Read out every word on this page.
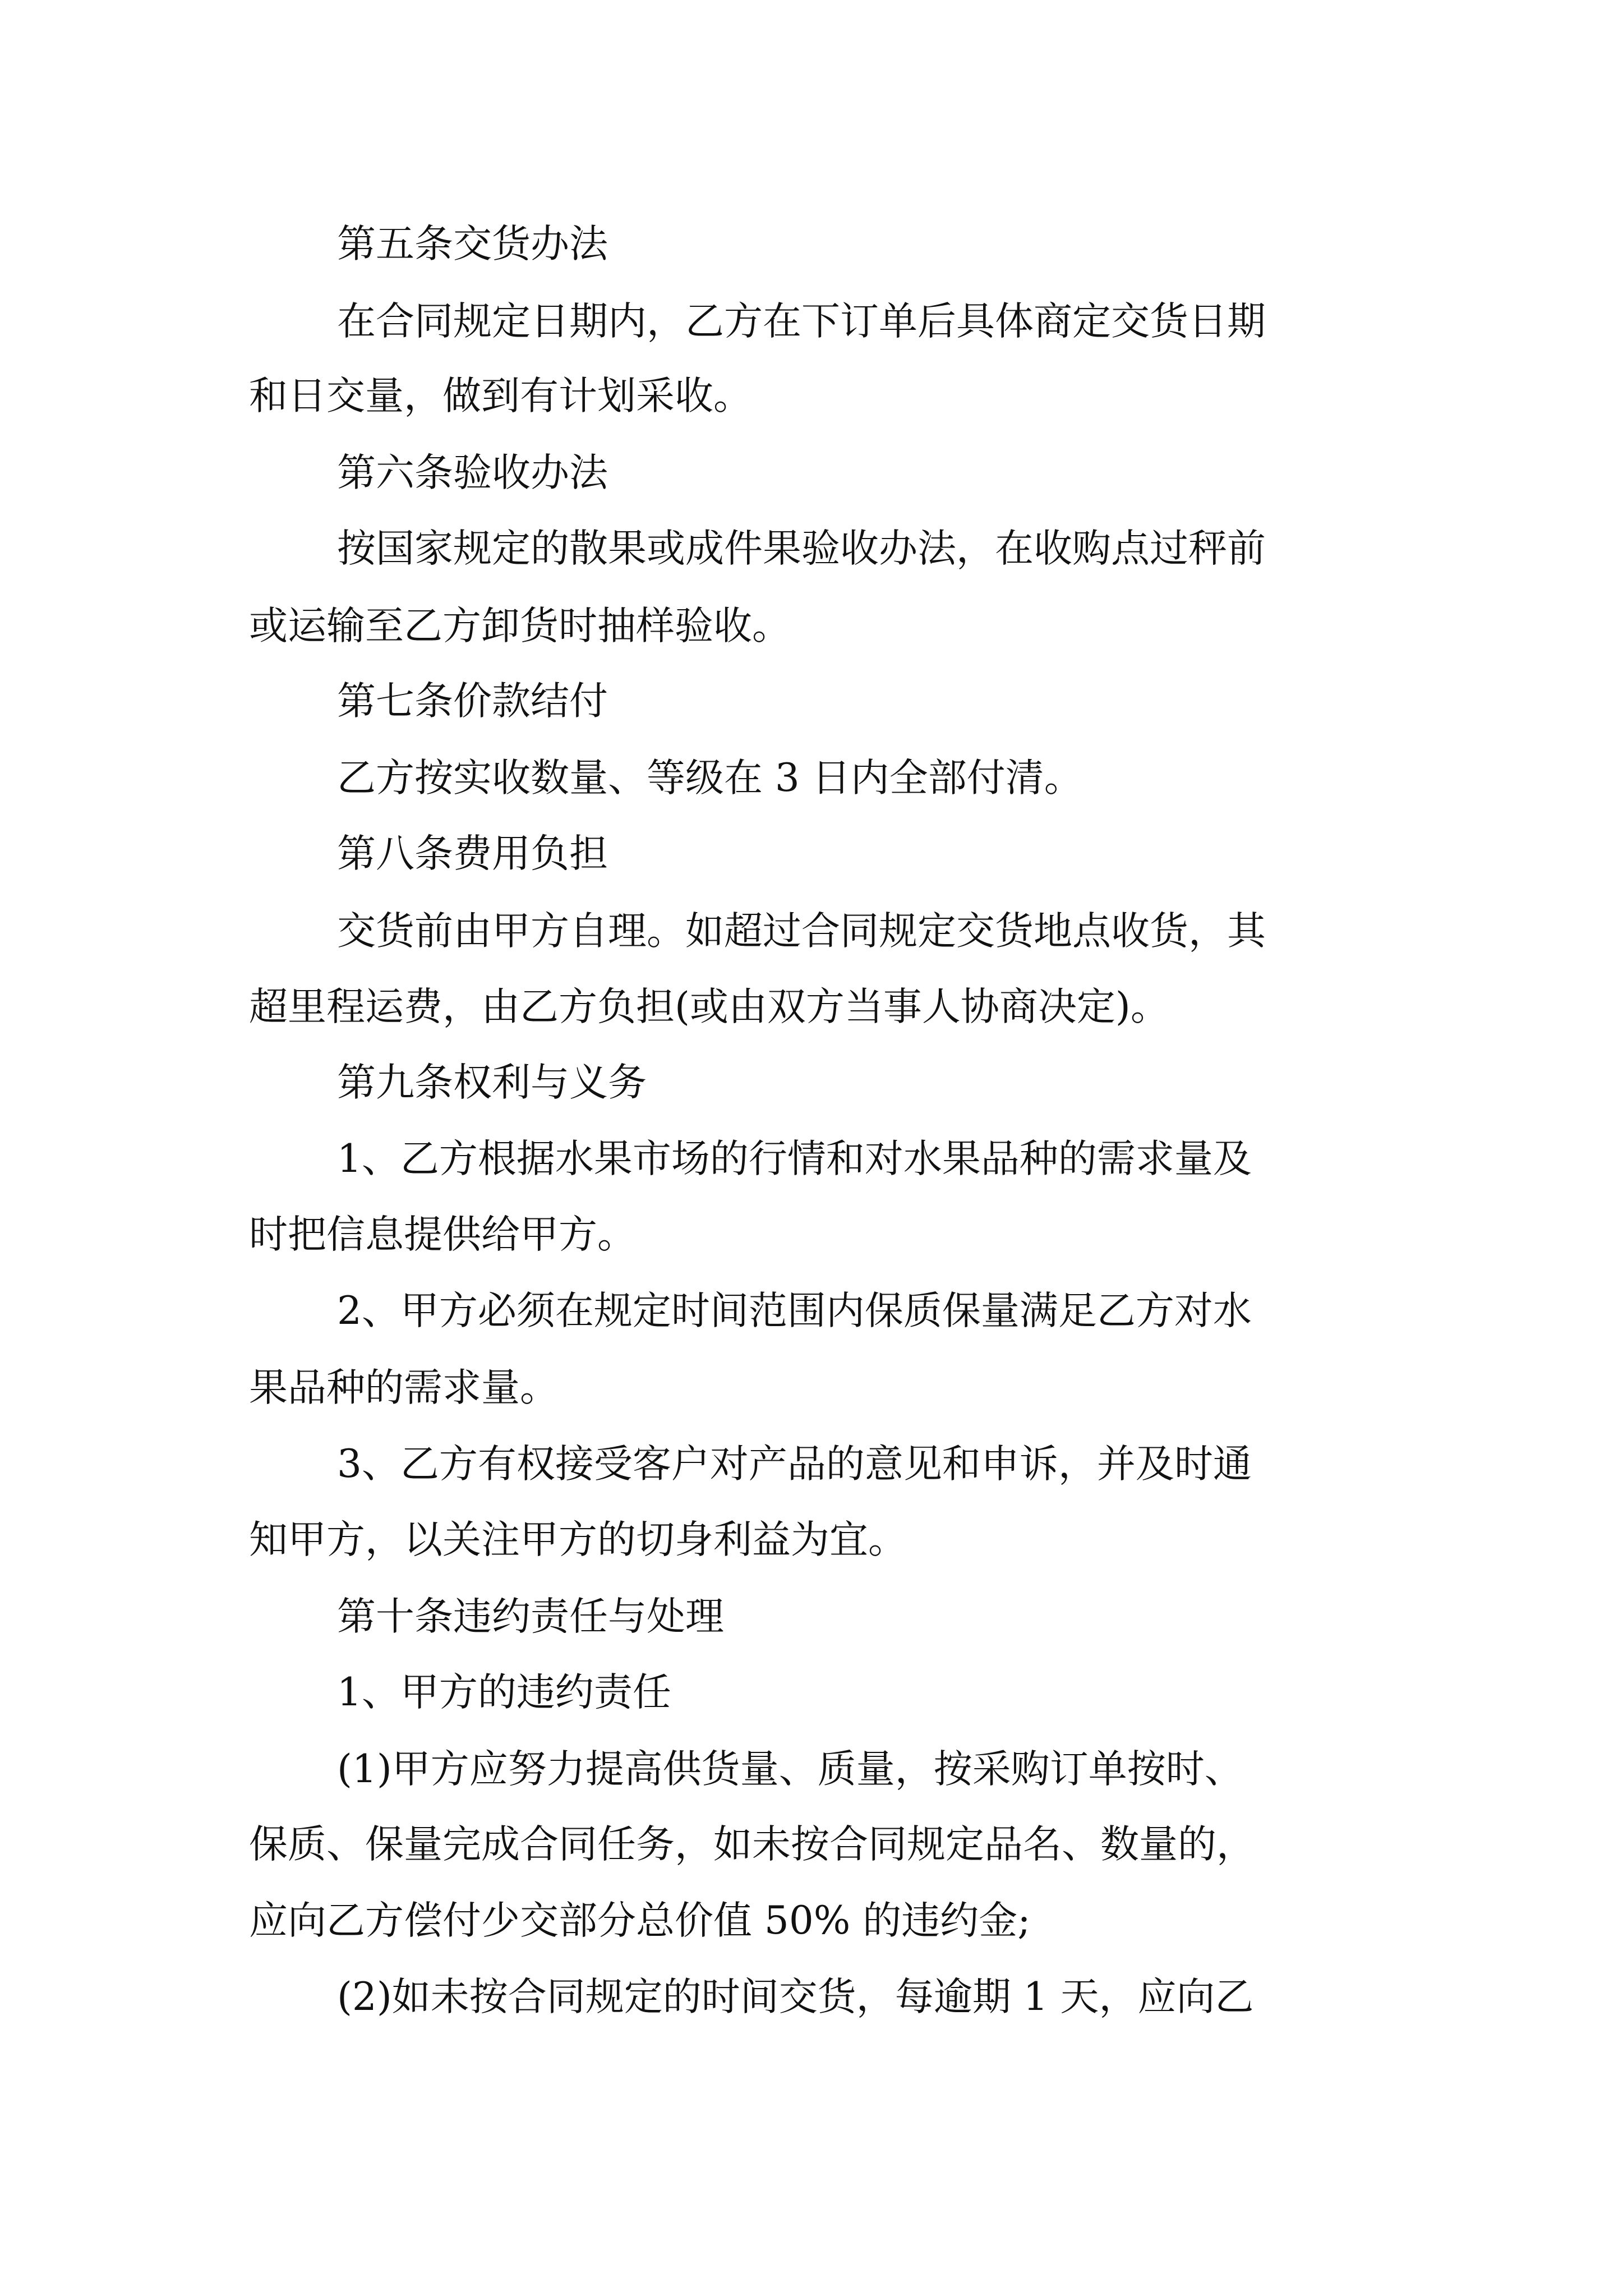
第五条交货办法

在合同规定日期内，乙方在下订单后具体商定交货日期

和日交量，做到有计划采收。

第六条验收办法

按国家规定的散果或成件果验收办法，在收购点过秤前

或运输至乙方卸货时抽样验收。

第七条价款结付

乙方按实收数量、等级在 3 日内全部付清。

第八条费用负担

交货前由甲方自理。如超过合同规定交货地点收货，其

超里程运费，由乙方负担(或由双方当事人协商决定)。

第九条权利与义务

1、乙方根据水果市场的行情和对水果品种的需求量及

时把信息提供给甲方。

2、甲方必须在规定时间范围内保质保量满足乙方对水

果品种的需求量。

3、乙方有权接受客户对产品的意见和申诉，并及时通

知甲方，以关注甲方的切身利益为宜。

第十条违约责任与处理

1、甲方的违约责任

(1)甲方应努力提高供货量、质量，按采购订单按时、

保质、保量完成合同任务，如未按合同规定品名、数量的，

应向乙方偿付少交部分总价值 50% 的违约金;

(2)如未按合同规定的时间交货，每逾期 1 天，应向乙
